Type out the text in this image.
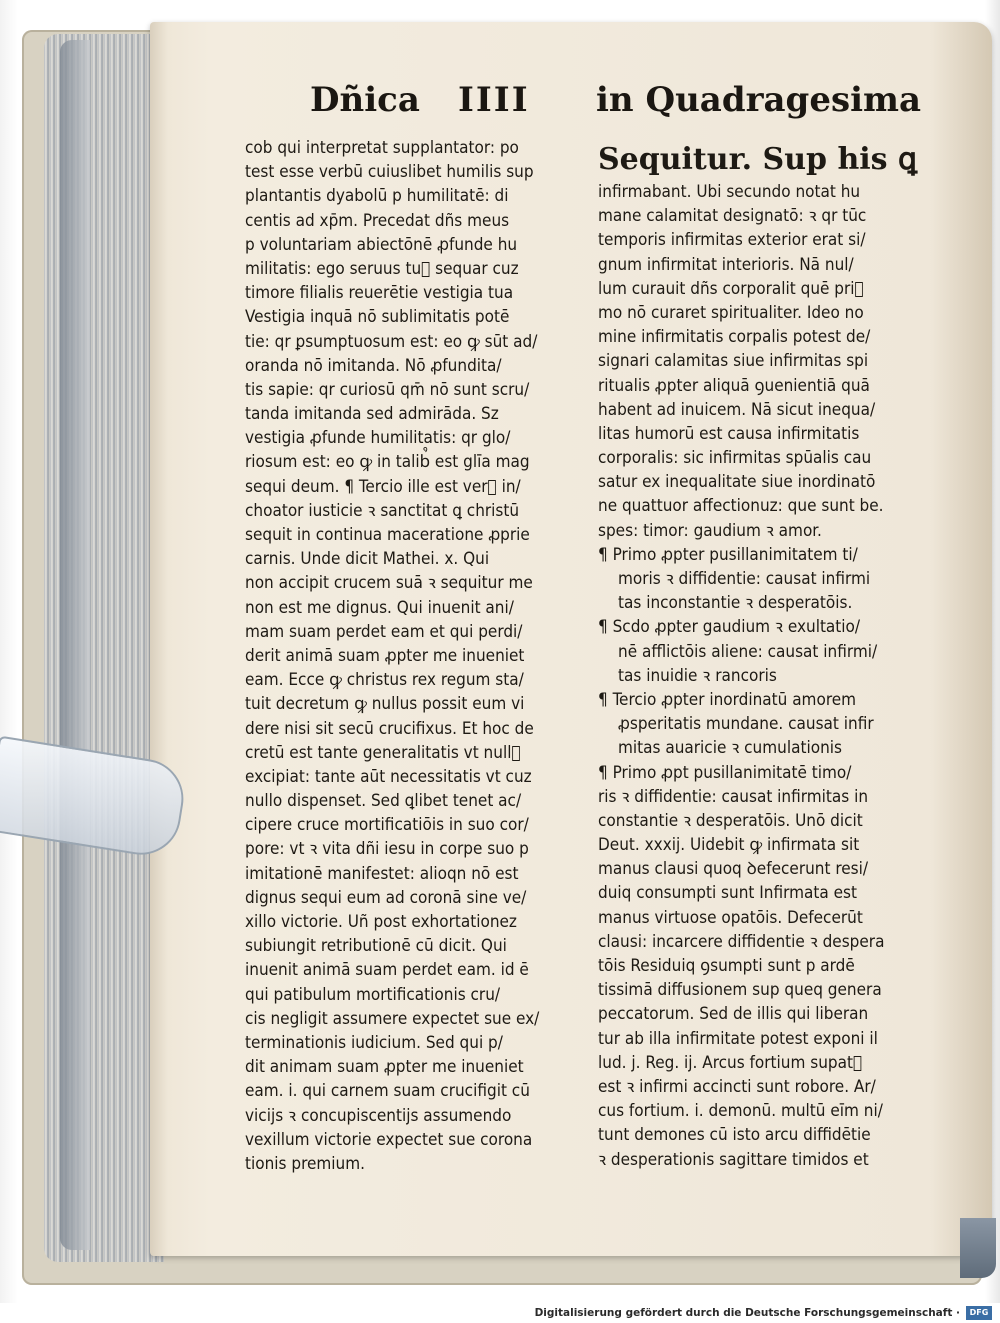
Dñica IIII in Quadragesima
cob qui interpretat supplantator: po
test esse verbū cuiuslibet humilis sup
plantantis dyabolū p humilitatē: di
centis ad xp̄m. Precedat dñs meus
p voluntariam abiectōnē ꝓfunde hu
militatis: ego seruus tu᷒ sequar cuz
timore filialis reuerētie vestigia tua
Vestigia inquā nō sublimitatis potē
tie: qr ꝑsumptuosum est: eo ꝙ sūt ad/
oranda nō imitanda. Nō ꝓfundita/
tis sapie: qr curiosū qm̄ nō sunt scru/
tanda imitanda sed admirāda. Sz
vestigia ꝓfunde humilitatis: qr glo/
riosum est: eo ꝙ in talib᷒ est glīa mag
sequi deum. ¶ Tercio ille est ver᷒ in/
choator iusticie ꝛ sanctitat ꝗ christū
sequit in continua maceratione ꝓprie
carnis. Unde dicit Mathei. x. Qui
non accipit crucem suā ꝛ sequitur me
non est me dignus. Qui inuenit ani/
mam suam perdet eam et qui perdi/
derit animā suam ꝓpter me inueniet
eam. Ecce ꝙ christus rex regum sta/
tuit decretum ꝙ nullus possit eum vi
dere nisi sit secū crucifixus. Et hoc de
cretū est tante generalitatis vt null᷒
excipiat: tante aūt necessitatis vt cuz
nullo dispenset. Sed ꝗlibet tenet ac/
cipere cruce mortificatiōis in suo cor/
pore: vt ꝛ vita dñi iesu in corpe suo p
imitationē manifestet: alioqn nō est
dignus sequi eum ad coronā sine ve/
xillo victorie. Uñ post exhortationez
subiungit retributionē cū dicit. Qui
inuenit animā suam perdet eam. id ē
qui patibulum mortificationis cru/
cis negligit assumere expectet sue ex/
terminationis iudicium. Sed qui p/
dit animam suam ꝓpter me inueniet
eam. i. qui carnem suam crucifigit cū
vicijs ꝛ concupiscentijs assumendo
vexillum victorie expectet sue corona
tionis premium.
Sequitur. Sup his ꝗ
infirmabant. Ubi secundo notat hu
mane calamitat designatō: ꝛ qr tūc
temporis infirmitas exterior erat si/
gnum infirmitat interioris. Nā nul/
lum curauit dñs corporalit quē pri᷒
mo nō curaret spiritualiter. Ideo no
mine infirmitatis corpalis potest de/
signari calamitas siue infirmitas spi
ritualis ꝓpter aliquā ꝯuenientiā quā
habent ad inuicem. Nā sicut inequa/
litas humorū est causa infirmitatis
corporalis: sic infirmitas spūalis cau
satur ex inequalitate siue inordinatō
ne quattuor affectionuz: que sunt be.
spes: timor: gaudium ꝛ amor.
¶ Primo ꝓpter pusillanimitatem ti/
moris ꝛ diffidentie: causat infirmi
tas inconstantie ꝛ desperatōis.
¶ Scdo ꝓpter gaudium ꝛ exultatio/
nē afflictōis aliene: causat infirmi/
tas inuidie ꝛ rancoris
¶ Tercio ꝓpter inordinatū amorem
ꝓsperitatis mundane. causat infir
mitas auaricie ꝛ cumulationis
¶ Primo ꝓpt pusillanimitatē timo/
ris ꝛ diffidentie: causat infirmitas in
constantie ꝛ desperatōis. Unō dicit
Deut. xxxij. Uidebit ꝙ infirmata sit
manus clausi quoq ꝺefecerunt resi/
duiq consumpti sunt Infirmata est
manus virtuose opatōis. Defecerūt
clausi: incarcere diffidentie ꝛ despera
tōis Residuiq ꝯsumpti sunt p ardē
tissimā diffusionem sup queq genera
peccatorum. Sed de illis qui liberan
tur ab illa infirmitate potest exponi il
lud. j. Reg. ij. Arcus fortium supat᷒
est ꝛ infirmi accincti sunt robore. Ar/
cus fortium. i. demonū. multū eīm ni/
tunt demones cū isto arcu diffidētie
ꝛ desperationis sagittare timidos et
Digitalisierung gefördert durch die Deutsche Forschungsgemeinschaft ·	DFG
